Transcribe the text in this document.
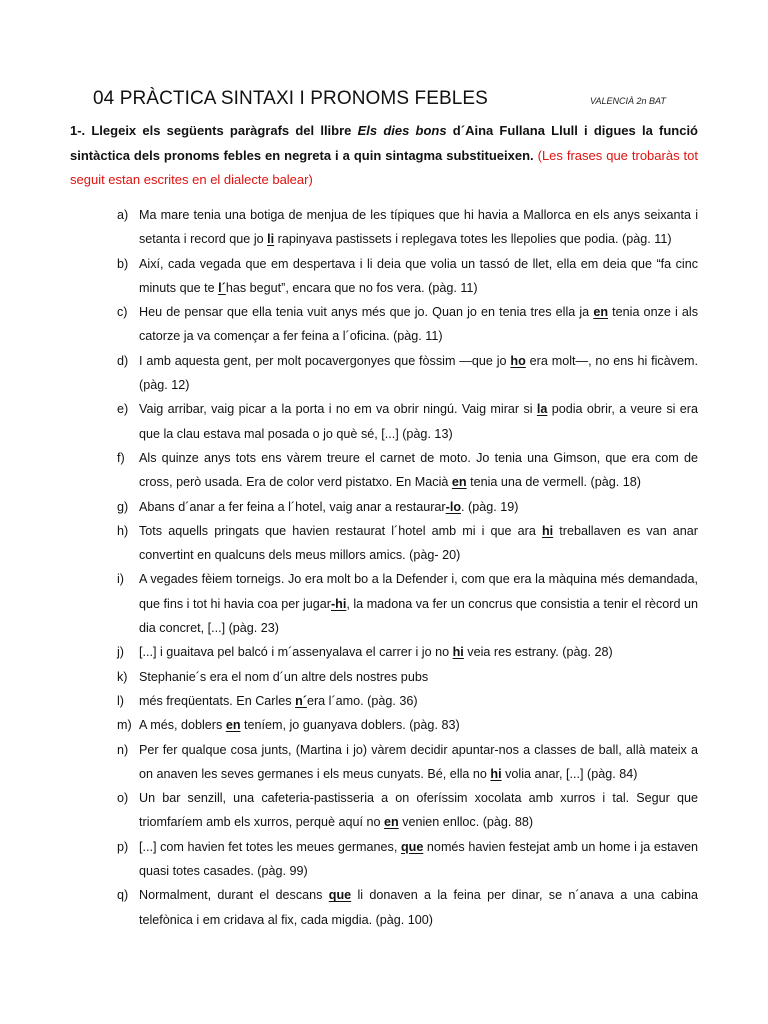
04 PRÀCTICA SINTAXI I PRONOMS FEBLES	VALENCIÀ 2n BAT
1-. Llegeix els següents paràgrafs del llibre Els dies bons d´Aina Fullana Llull i digues la funció sintàctica dels pronoms febles en negreta i a quin sintagma substitueixen. (Les frases que trobaràs tot seguit estan escrites en el dialecte balear)
a) Ma mare tenia una botiga de menjua de les típiques que hi havia a Mallorca en els anys seixanta i setanta i record que jo li rapinyava pastissets i replegava totes les llepolies que podia. (pàg. 11)
b) Així, cada vegada que em despertava i li deia que volia un tassó de llet, ella em deia que “fa cinc minuts que te l´has begut”, encara que no fos vera. (pàg. 11)
c) Heu de pensar que ella tenia vuit anys més que jo. Quan jo en tenia tres ella ja en tenia onze i als catorze ja va començar a fer feina a l´oficina. (pàg. 11)
d) I amb aquesta gent, per molt pocavergonyes que fòssim —que jo ho era molt—, no ens hi ficàvem. (pàg. 12)
e) Vaig arribar, vaig picar a la porta i no em va obrir ningú. Vaig mirar si la podia obrir, a veure si era que la clau estava mal posada o jo què sé, [...] (pàg. 13)
f) Als quinze anys tots ens vàrem treure el carnet de moto. Jo tenia una Gimson, que era com de cross, però usada. Era de color verd pistatxo. En Macià en tenia una de vermell. (pàg. 18)
g) Abans d´anar a fer feina a l´hotel, vaig anar a restaurar-lo. (pàg. 19)
h) Tots aquells pringats que havien restaurat l´hotel amb mi i que ara hi treballaven es van anar convertint en qualcuns dels meus millors amics. (pàg- 20)
i) A vegades fèiem torneigs. Jo era molt bo a la Defender i, com que era la màquina més demandada, que fins i tot hi havia coa per jugar-hi, la madona va fer un concrus que consistia a tenir el rècord un dia concret, [...] (pàg. 23)
j) [...] i guaitava pel balcó i m´assenyalava el carrer i jo no hi veia res estrany. (pàg. 28)
k) Stephanie´s era el nom d´un altre dels nostres pubs
l) més freqüentats. En Carles n´era l´amo. (pàg. 36)
m) A més, doblers en teníem, jo guanyava doblers. (pàg. 83)
n) Per fer qualque cosa junts, (Martina i jo) vàrem decidir apuntar-nos a classes de ball, allà mateix a on anaven les seves germanes i els meus cunyats. Bé, ella no hi volia anar, [...] (pàg. 84)
o) Un bar senzill, una cafeteria-pastisseria a on oferíssim xocolata amb xurros i tal. Segur que triomfaríem amb els xurros, perquè aquí no en venien enlloc. (pàg. 88)
p) [...] com havien fet totes les meues germanes, que només havien festejat amb un home i ja estaven quasi totes casades. (pàg. 99)
q) Normalment, durant el descans que li donaven a la feina per dinar, se n´anava a una cabina telefònica i em cridava al fix, cada migdia. (pàg. 100)
